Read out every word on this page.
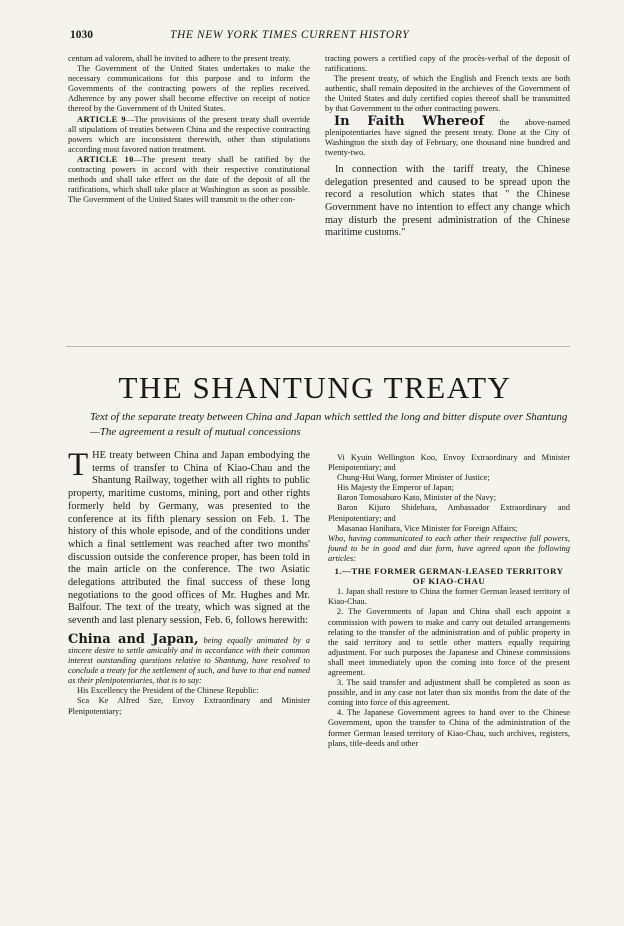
1030	THE NEW YORK TIMES CURRENT HISTORY

centum ad valorem, shall be invited to adhere to the present treaty.

The Government of the United States undertakes to make the necessary communications for this purpose and to inform the Governments of the contracting powers of the replies received. Adherence by any power shall become effective on receipt of notice thereof by the Government of th United States.

ARTICLE 9—The provisions of the present treaty shall override all stipulations of treaties between China and the respective contracting powers which are inconsistent therewith, other than stipulations according most favored nation treatment.

ARTICLE 10—The present treaty shall be ratified by the contracting powers in accord with their respective constitutional methods and shall take effect on the date of the deposit of all the ratifications, which shall take place at Washington as soon as possible. The Government of the United States will transmit to the other con-

tracting powers a certified copy of the procès-verbal of the deposit of ratifications.

The present treaty, of which the English and French texts are both authentic, shall remain deposited in the archieves of the Government of the United States and duly certified copies thereof shall be transmitted by that Government to the other contracting powers.

In Faith Whereof the above-named plenipotentiaries have signed the present treaty. Done at the City of Washington the sixth day of February, one thousand nine hundred and twenty-two.

In connection with the tariff treaty, the Chinese delegation presented and caused to be spread upon the record a resolution which states that " the Chinese Government have no intention to effect any change which may disturb the present administration of the Chinese maritime customs."

THE SHANTUNG TREATY
Text of the separate treaty between China and Japan which settled the long and bitter dispute over Shantung—The agreement a result of mutual concessions

THE treaty between China and Japan embodying the terms of transfer to China of Kiao-Chau and the Shantung Railway, together with all rights to public property, maritime customs, mining, port and other rights formerly held by Germany, was presented to the conference at its fifth plenary session on Feb. 1. The history of this whole episode, and of the conditions under which a final settlement was reached after two months' discussion outside the conference proper, has been told in the main article on the conference. The two Asiatic delegations attributed the final success of these long negotiations to the good offices of Mr. Hughes and Mr. Balfour. The text of the treaty, which was signed at the seventh and last plenary session, Feb. 6, follows herewith:

China and Japan, being equally animated by a sincere desire to settle amicably and in accordance with their common interest outstanding questions relative to Shantung, have resolved to conclude a treaty for the settlement of such, and have to that end named as their plenipotentiaries, that is to say:

His Excellency the President of the Chinese Republic:

Sca Ke Alfred Sze, Envoy Extraordinary and Minister Plenipotentiary;

Vi Kyuin Wellington Koo, Envoy Extraordinary and Minister Plenipotentiary; and

Chung-Hui Wang, former Minister of Justice;

His Majesty the Emperor of Japan;

Baron Tomosaburo Kato, Minister of the Navy;

Baron Kijuro Shidehara, Ambassador Extraordinary and Plenipotentiary; and

Masanao Hanihara, Vice Minister for Foreign Affairs;

Who, having communicated to each other their respective full powers, found to be in good and due form, have agreed upon the following articles:

1.—THE FORMER GERMAN-LEASED TERRITORY OF KIAO-CHAU

1. Japan shall restore to China the former German leased territory of Kiao-Chau.

2. The Governments of Japan and China shall each appoint a commission with powers to make and carry out detailed arrangements relating to the transfer of the administration and of public property in the said territory and to settle other matters equally requiring adjustment. For such purposes the Japanese and Chinese commissions shall meet immediately upon the coming into force of the present agreement.

3. The said transfer and adjustment shall be completed as soon as possible, and in any case not later than six months from the date of the coming into force of this agreement.

4. The Japanese Government agrees to hand over to the Chinese Government, upon the transfer to China of the administration of the former German leased territory of Kiao-Chau, such archives, registers, plans, title-deeds and other
